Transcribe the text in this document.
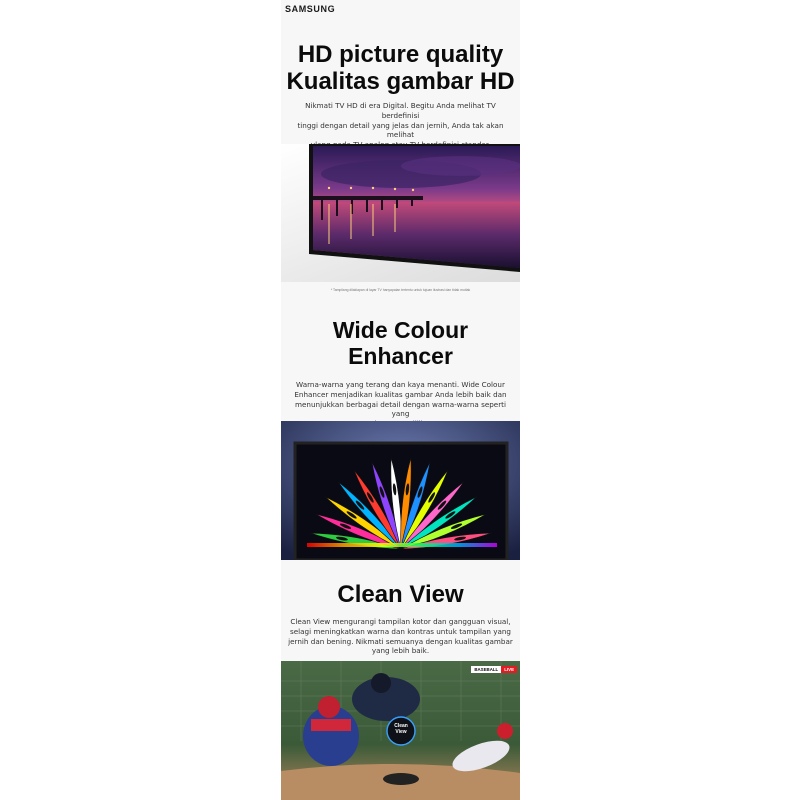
SAMSUNG
HD picture quality
Kualitas gambar HD
Nikmati TV HD di era Digital. Begitu Anda melihat TV berdefinisi
tinggi dengan detail yang jelas dan jernih, Anda tak akan melihat
* Tampilang dilakiapan di layar TV hanyapaian tertentu untuk tujuan ilustrasi dan tidak mutlak
Wide Colour
Enhancer
Warna-warna yang terang dan kaya menanti. Wide Colour
Enhancer menjadikan kualitas gambar Anda lebih baik dan
menunjukkan berbagai detail dengan warna-warna seperti yang
Clean View
Clean View mengurangi tampilan kotor dan gangguan visual,
selagi meningkatkan warna dan kontras untuk tampilan yang
jernih dan bening. Nikmati semuanya dengan kualitas gambar
yang lebih baik.
BASEBALL	LIVE
Clean
View
